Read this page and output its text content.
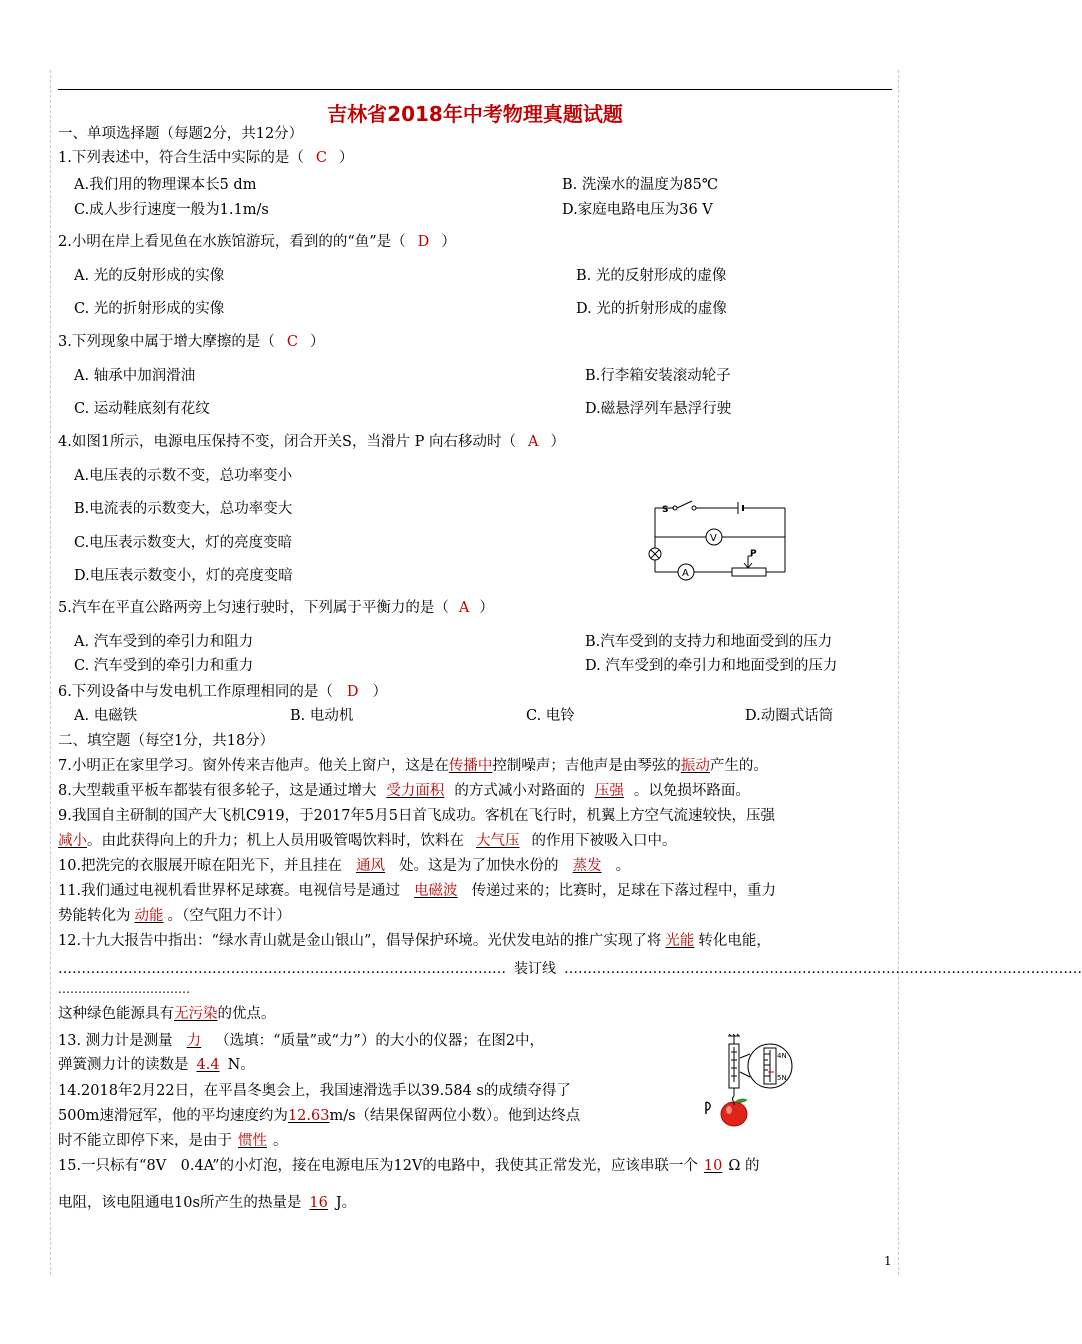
吉林省2018年中考物理真题试题
一、单项选择题（每题2分，共12分）
1.下列表述中，符合生活中实际的是（ C ）
A.我们用的物理课本长5 dm	B. 洗澡水的温度为85℃
C.成人步行速度一般为1.1m/s	D.家庭电路电压为36 V
2.小明在岸上看见鱼在水族馆游玩，看到的的“鱼”是（ D ）
A. 光的反射形成的实像	B. 光的反射形成的虚像
C. 光的折射形成的实像	D. 光的折射形成的虚像
3.下列现象中属于增大摩擦的是（ C ）
A. 轴承中加润滑油	B.行李箱安装滚动轮子
C. 运动鞋底刻有花纹	D.磁悬浮列车悬浮行驶
4.如图1所示，电源电压保持不变，闭合开关S，当滑片 P 向右移动时（ A ）
A.电压表的示数不变，总功率变小
B.电流表的示数变大，总功率变大
C.电压表示数变大，灯的亮度变暗
D.电压表示数变小，灯的亮度变暗
S
V
A
P
5.汽车在平直公路两旁上匀速行驶时，下列属于平衡力的是（ A ）
A. 汽车受到的牵引力和阻力	B.汽车受到的支持力和地面受到的压力
C. 汽车受到的牵引力和重力	D. 汽车受到的牵引力和地面受到的压力
6.下列设备中与发电机工作原理相同的是（ D ）
A. 电磁铁	B. 电动机	C. 电铃	D.动圈式话筒
二、填空题（每空1分，共18分）
7.小明正在家里学习。窗外传来吉他声。他关上窗户，这是在传播中控制噪声；吉他声是由琴弦的振动产生的。
8.大型载重平板车都装有很多轮子，这是通过增大 受力面积 的方式减小对路面的 压强 。以免损坏路面。
9.我国自主研制的国产大飞机C919，于2017年5月5日首飞成功。客机在飞行时，机翼上方空气流速较快，压强
减小。由此获得向上的升力；机上人员用吸管喝饮料时，饮料在 大气压 的作用下被吸入口中。
10.把洗完的衣服展开晾在阳光下，并且挂在 通风 处。这是为了加快水份的 蒸发 。
11.我们通过电视机看世界杯足球赛。电视信号是通过 电磁波 传递过来的；比赛时，足球在下落过程中，重力
势能转化为 动能 。（空气阻力不计）
12.十九大报告中指出：“绿水青山就是金山银山”，倡导保护环境。光伏发电站的推广实现了将 光能 转化电能，
…………………………………………………………………………………… 装订线 …………………………………………………………………………………………………
……………………………
这种绿色能源具有无污染的优点。
13. 测力计是测量 力 （选填：“质量”或“力”）的大小的仪器；在图2中，
弹簧测力计的读数是 4.4 N。
14.2018年2月22日，在平昌冬奥会上，我国速滑选手以39.584 s的成绩夺得了
500m速滑冠军，他的平均速度约为12.63m/s（结果保留两位小数）。他到达终点
时不能立即停下来，是由于 惯性 。
4N
5N
15.一只标有“8V　0.4A”的小灯泡，接在电源电压为12V的电路中，我使其正常发光，应该串联一个 10 Ω 的
电阻，该电阻通电10s所产生的热量是 16 J。
1
